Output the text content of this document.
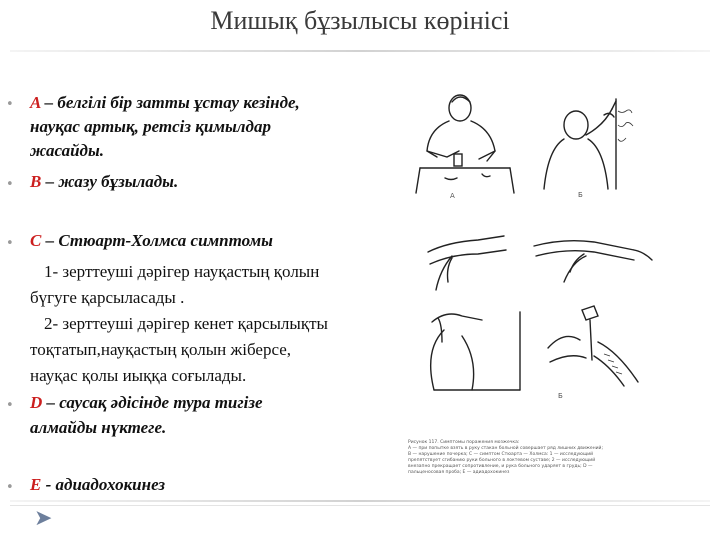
Мишық бұзылысы көрінісі
• A – белгілі бір затты ұстау кезінде,
науқас артық, ретсіз қимылдар
жасайды.
• B – жазу бұзылады.
• C – Стюарт-Холмса симптомы
1- зерттеуші дәрігер науқастың қолын
бүгуге қарсыласады .
2- зерттеуші дәрігер кенет қарсылықты
тоқтатып,науқастың қолын жіберсе,
науқас қолы иыққа соғылады.
• D – саусақ әдісінде тура тигізе
алмайды нүктеге.
• E - адиадохокинез
А	Б
Б
Рисунок 117. Симптомы поражения мозжечка:
А — при попытке взять в руку стакан больной совершает ряд лишних движений;
B — нарушение почерка; C — симптом Стюарта — Холмса: 1 — исследующий
препятствует сгибанию руки больного в локтевом суставе; 2 — исследующий
внезапно прекращает сопротивление, и рука больного ударяет в грудь; D —
пальценосовая проба; E — адиадохокинез
➤
